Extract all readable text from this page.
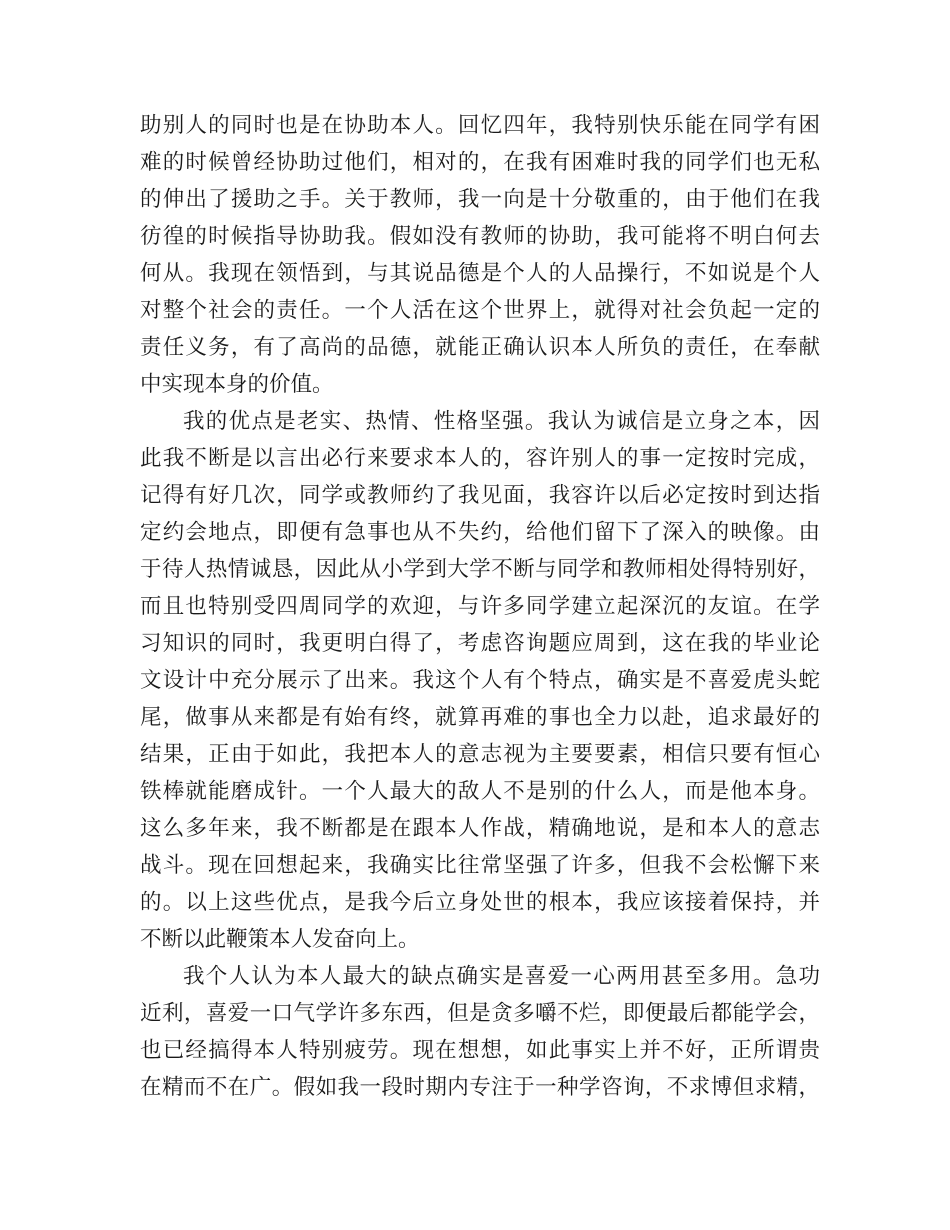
助别人的同时也是在协助本人。回忆四年，我特别快乐能在同学有困
难的时候曾经协助过他们，相对的，在我有困难时我的同学们也无私
的伸出了援助之手。关于教师，我一向是十分敬重的，由于他们在我
彷徨的时候指导协助我。假如没有教师的协助，我可能将不明白何去
何从。我现在领悟到，与其说品德是个人的人品操行，不如说是个人
对整个社会的责任。一个人活在这个世界上，就得对社会负起一定的
责任义务，有了高尚的品德，就能正确认识本人所负的责任，在奉献
中实现本身的价值。
我的优点是老实、热情、性格坚强。我认为诚信是立身之本，因
此我不断是以言出必行来要求本人的，容许别人的事一定按时完成，
记得有好几次，同学或教师约了我见面，我容许以后必定按时到达指
定约会地点，即便有急事也从不失约，给他们留下了深入的映像。由
于待人热情诚恳，因此从小学到大学不断与同学和教师相处得特别好，
而且也特别受四周同学的欢迎，与许多同学建立起深沉的友谊。在学
习知识的同时，我更明白得了，考虑咨询题应周到，这在我的毕业论
文设计中充分展示了出来。我这个人有个特点，确实是不喜爱虎头蛇
尾，做事从来都是有始有终，就算再难的事也全力以赴，追求最好的
结果，正由于如此，我把本人的意志视为主要要素，相信只要有恒心
铁棒就能磨成针。一个人最大的敌人不是别的什么人，而是他本身。
这么多年来，我不断都是在跟本人作战，精确地说，是和本人的意志
战斗。现在回想起来，我确实比往常坚强了许多，但我不会松懈下来
的。以上这些优点，是我今后立身处世的根本，我应该接着保持，并
不断以此鞭策本人发奋向上。
我个人认为本人最大的缺点确实是喜爱一心两用甚至多用。急功
近利，喜爱一口气学许多东西，但是贪多嚼不烂，即便最后都能学会，
也已经搞得本人特别疲劳。现在想想，如此事实上并不好，正所谓贵
在精而不在广。假如我一段时期内专注于一种学咨询，不求博但求精，
